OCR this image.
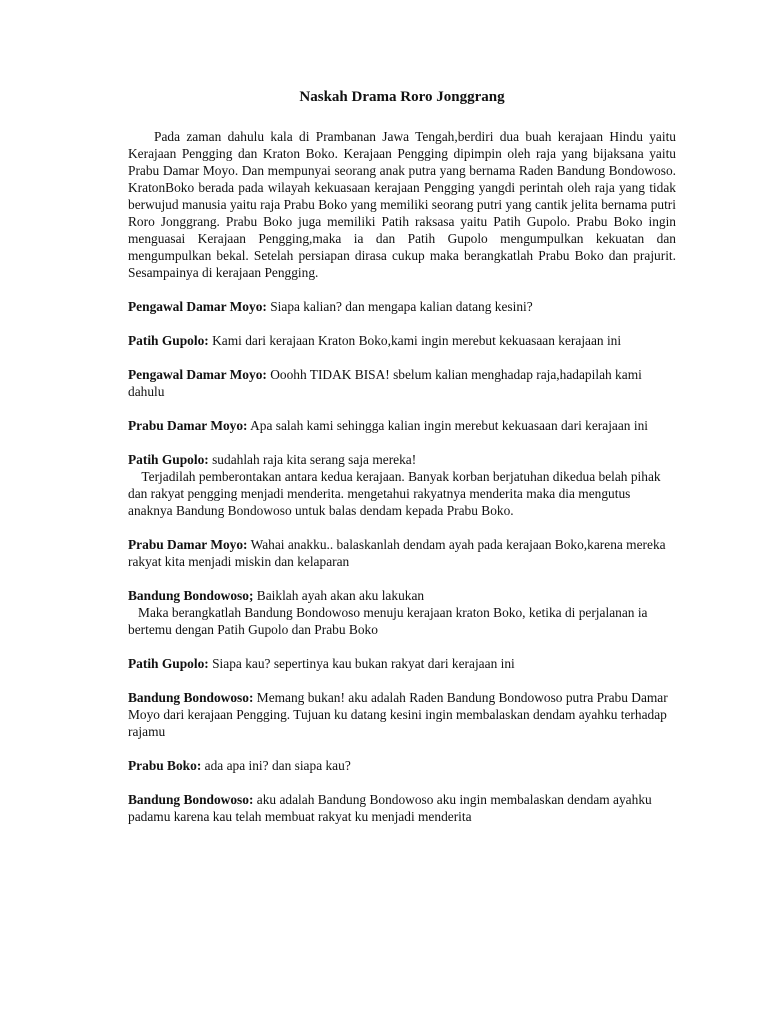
Naskah Drama Roro Jonggrang

Pada zaman dahulu kala di Prambanan Jawa Tengah,berdiri dua buah kerajaan Hindu yaitu Kerajaan Pengging dan Kraton Boko. Kerajaan Pengging dipimpin oleh raja yang bijaksana yaitu Prabu Damar Moyo. Dan mempunyai seorang anak putra yang bernama Raden Bandung Bondowoso. KratonBoko berada pada wilayah kekuasaan kerajaan Pengging yangdi perintah oleh raja yang tidak berwujud manusia yaitu raja Prabu Boko yang memiliki seorang putri yang cantik jelita bernama putri Roro Jonggrang. Prabu Boko juga memiliki Patih raksasa yaitu Patih Gupolo. Prabu Boko ingin menguasai Kerajaan Pengging,maka ia dan Patih Gupolo mengumpulkan kekuatan dan mengumpulkan bekal. Setelah persiapan dirasa cukup maka berangkatlah Prabu Boko dan prajurit. Sesampainya di kerajaan Pengging.

Pengawal Damar Moyo: Siapa kalian? dan mengapa kalian datang kesini?

Patih Gupolo: Kami dari kerajaan Kraton Boko,kami ingin merebut kekuasaan kerajaan ini

Pengawal Damar Moyo: Ooohh TIDAK BISA! sbelum kalian menghadap raja,hadapilah kami dahulu

Prabu Damar Moyo: Apa salah kami sehingga kalian ingin merebut kekuasaan dari kerajaan ini

Patih Gupolo: sudahlah raja kita serang saja mereka!
Terjadilah pemberontakan antara kedua kerajaan. Banyak korban berjatuhan dikedua belah pihak dan rakyat pengging menjadi menderita. mengetahui rakyatnya menderita maka dia mengutus anaknya Bandung Bondowoso untuk balas dendam kepada Prabu Boko.

Prabu Damar Moyo: Wahai anakku.. balaskanlah dendam ayah pada kerajaan Boko,karena mereka rakyat kita menjadi miskin dan kelaparan

Bandung Bondowoso; Baiklah ayah akan aku lakukan
Maka berangkatlah Bandung Bondowoso menuju kerajaan kraton Boko, ketika di perjalanan ia bertemu dengan Patih Gupolo dan Prabu Boko

Patih Gupolo: Siapa kau? sepertinya kau bukan rakyat dari kerajaan ini

Bandung Bondowoso: Memang bukan! aku adalah Raden Bandung Bondowoso putra Prabu Damar Moyo dari kerajaan Pengging. Tujuan ku datang kesini ingin membalaskan dendam ayahku terhadap rajamu

Prabu Boko: ada apa ini? dan siapa kau?

Bandung Bondowoso: aku adalah Bandung Bondowoso aku ingin membalaskan dendam ayahku padamu karena kau telah membuat rakyat ku menjadi menderita
